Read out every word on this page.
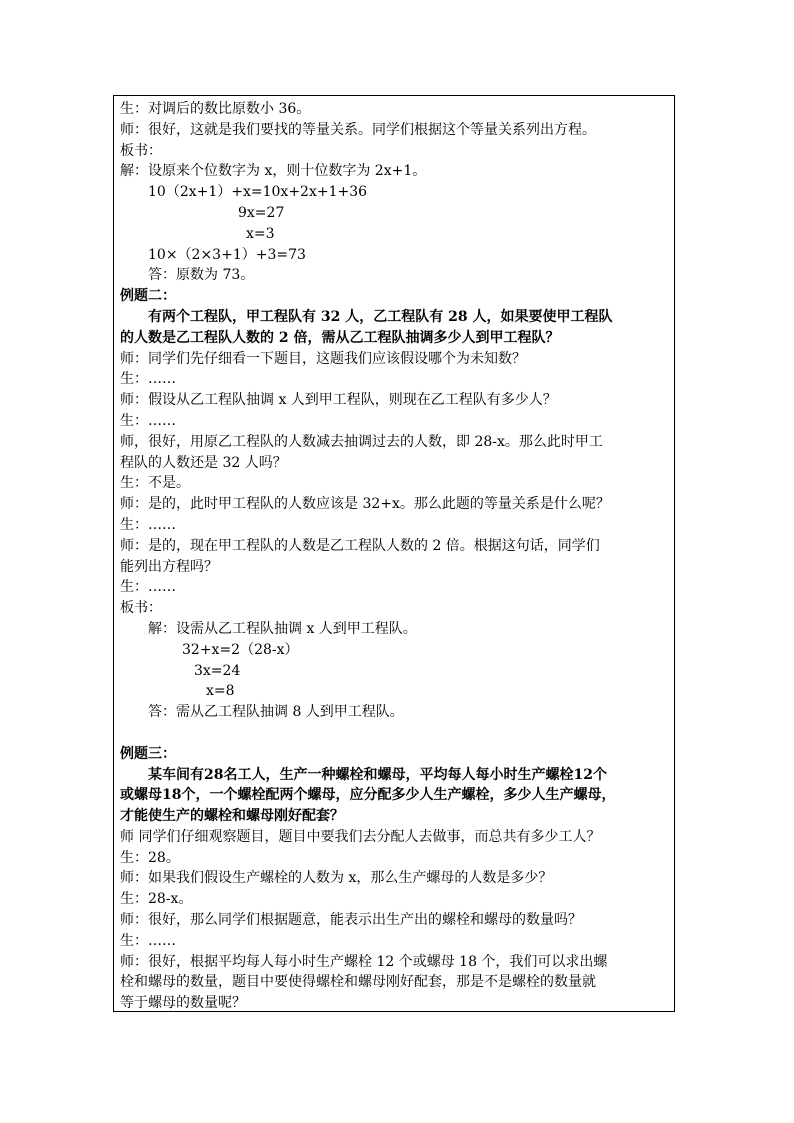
生：对调后的数比原数小 36。
师：很好，这就是我们要找的等量关系。同学们根据这个等量关系列出方程。
板书：
解：设原来个位数字为 x，则十位数字为 2x+1。
10（2x+1）+x=10x+2x+1+36
9x=27
x=3
10×（2×3+1）+3=73
答：原数为 73。
例题二：
有两个工程队，甲工程队有 32 人，乙工程队有 28 人，如果要使甲工程队
的人数是乙工程队人数的 2 倍，需从乙工程队抽调多少人到甲工程队？
师：同学们先仔细看一下题目，这题我们应该假设哪个为未知数？
生：……
师：假设从乙工程队抽调 x 人到甲工程队，则现在乙工程队有多少人？
生：……
师，很好，用原乙工程队的人数减去抽调过去的人数，即 28-x。那么此时甲工
程队的人数还是 32 人吗？
生：不是。
师：是的，此时甲工程队的人数应该是 32+x。那么此题的等量关系是什么呢？
生：……
师：是的，现在甲工程队的人数是乙工程队人数的 2 倍。根据这句话，同学们
能列出方程吗？
生：……
板书：
解：设需从乙工程队抽调 x 人到甲工程队。
32+x=2（28-x）
3x=24
x=8
答：需从乙工程队抽调 8 人到甲工程队。
例题三：
某车间有28名工人，生产一种螺栓和螺母，平均每人每小时生产螺栓12个
或螺母18个，一个螺栓配两个螺母，应分配多少人生产螺栓，多少人生产螺母，
才能使生产的螺栓和螺母刚好配套？
师 同学们仔细观察题目，题目中要我们去分配人去做事，而总共有多少工人？
生：28。
师：如果我们假设生产螺栓的人数为 x，那么生产螺母的人数是多少？
生：28-x。
师：很好，那么同学们根据题意，能表示出生产出的螺栓和螺母的数量吗？
生：……
师：很好，根据平均每人每小时生产螺栓 12 个或螺母 18 个，我们可以求出螺
栓和螺母的数量，题目中要使得螺栓和螺母刚好配套，那是不是螺栓的数量就
等于螺母的数量呢？
